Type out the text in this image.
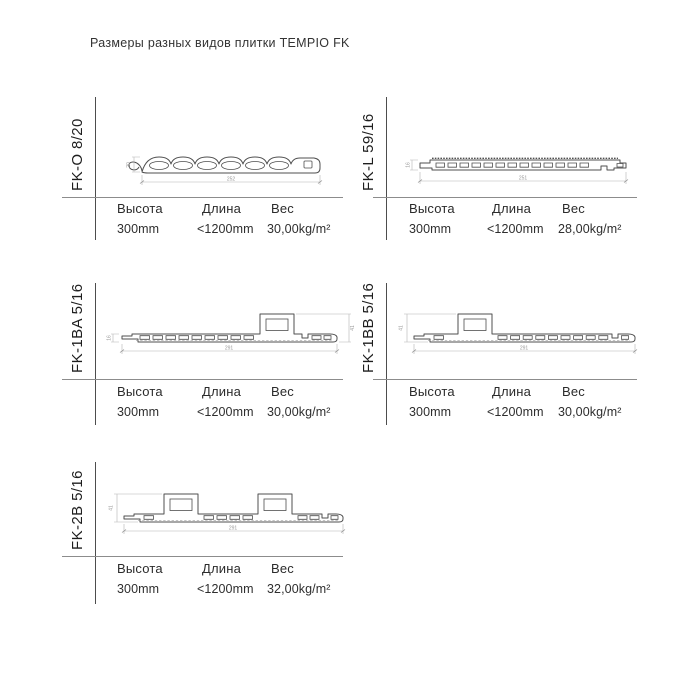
Размеры разных видов плитки TEMPIO FK
FK-O 8/20	252
20
Высота	Длина Вес
300mm	<1200mm 30,00kg/m²
FK-L 59/16	251
16
Высота	Длина Вес
300mm	<1200mm 28,00kg/m²
FK-1BA 5/16	291
16
41
Высота	Длина Вес
300mm	<1200mm 30,00kg/m²
FK-1BB 5/16	291
41
Высота	Длина Вес
300mm	<1200mm 30,00kg/m²
FK-2B 5/16	291
41
Высота	Длина Вес
300mm	<1200mm 32,00kg/m²
